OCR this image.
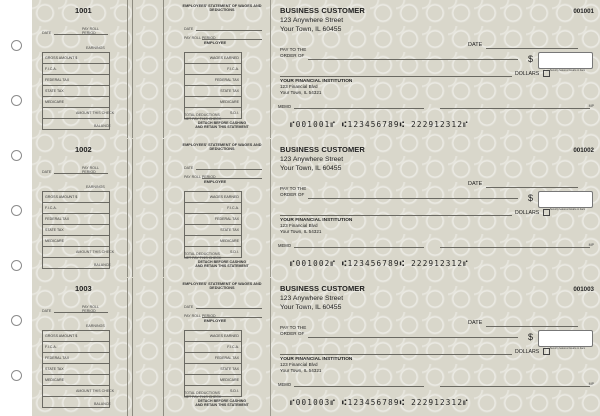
1001
DATE
PAY ROLL PERIOD
EARNINGS
GROSS AMOUNT $
F.I.C.A.
FEDERAL TAX
STATE TAX
MEDICARE
AMOUNT THIS CHECK
BALANCE
EMPLOYEES' STATEMENT OF WAGES AND DEDUCTIONS
DATE
PAY ROLL PERIOD
EMPLOYEE
WAGES EARNED
F.I.C.A.
FEDERAL TAX
STATE TAX
MEDICARE
S.D.I.
TOTAL DEDUCTIONS
NET PAY THIS CHECK
DETACH BEFORE CASHING
AND RETAIN THIS STATEMENT
BUSINESS CUSTOMER
123 Anywhere Street
Your Town, IL 60455
001001
DATE
PAY TO THE
ORDER OF	$
DOLLARS
Security features Details on back
YOUR FINANCIAL INSTITUTION
123 Financial Blvd
Your Town, IL 54321
MEMO	MP
⑈001001⑈ ⑆123456789⑆ 222912312⑈
1002
DATE
PAY ROLL PERIOD
EARNINGS
GROSS AMOUNT $
F.I.C.A.
FEDERAL TAX
STATE TAX
MEDICARE
AMOUNT THIS CHECK
BALANCE
EMPLOYEES' STATEMENT OF WAGES AND DEDUCTIONS
DATE
PAY ROLL PERIOD
EMPLOYEE
WAGES EARNED
F.I.C.A.
FEDERAL TAX
STATE TAX
MEDICARE
S.D.I.
TOTAL DEDUCTIONS
NET PAY THIS CHECK
DETACH BEFORE CASHING
AND RETAIN THIS STATEMENT
BUSINESS CUSTOMER
123 Anywhere Street
Your Town, IL 60455
001002
DATE
PAY TO THE
ORDER OF	$
DOLLARS
Security features Details on back
YOUR FINANCIAL INSTITUTION
123 Financial Blvd
Your Town, IL 54321
MEMO	MP
⑈001002⑈ ⑆123456789⑆ 222912312⑈
1003
DATE
PAY ROLL PERIOD
EARNINGS
GROSS AMOUNT $
F.I.C.A.
FEDERAL TAX
STATE TAX
MEDICARE
AMOUNT THIS CHECK
BALANCE
EMPLOYEES' STATEMENT OF WAGES AND DEDUCTIONS
DATE
PAY ROLL PERIOD
EMPLOYEE
WAGES EARNED
F.I.C.A.
FEDERAL TAX
STATE TAX
MEDICARE
S.D.I.
TOTAL DEDUCTIONS
NET PAY THIS CHECK
DETACH BEFORE CASHING
AND RETAIN THIS STATEMENT
BUSINESS CUSTOMER
123 Anywhere Street
Your Town, IL 60455
001003
DATE
PAY TO THE
ORDER OF	$
DOLLARS
Security features Details on back
YOUR FINANCIAL INSTITUTION
123 Financial Blvd
Your Town, IL 54321
MEMO	MP
⑈001003⑈ ⑆123456789⑆ 222912312⑈
